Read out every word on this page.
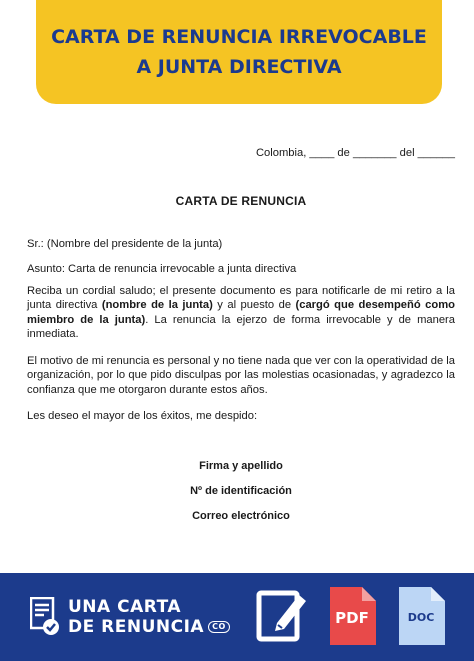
CARTA DE RENUNCIA IRREVOCABLE
A JUNTA DIRECTIVA
Colombia, ____ de _______ del ______
CARTA DE RENUNCIA
Sr.: (Nombre del presidente de la junta)
Asunto: Carta de renuncia irrevocable a junta directiva
Reciba un cordial saludo; el presente documento es para notificarle de mi retiro a la junta directiva (nombre de la junta) y al puesto de (cargó que desempeñó como miembro de la junta). La renuncia la ejerzo de forma irrevocable y de manera inmediata.
El motivo de mi renuncia es personal y no tiene nada que ver con la operatividad de la organización, por lo que pido disculpas por las molestias ocasionadas, y agradezco la confianza que me otorgaron durante estos años.
Les deseo el mayor de los éxitos, me despido:
Firma y apellido
Nº de identificación
Correo electrónico
UNA CARTA
DE RENUNCIA	CO	PDF	DOC
